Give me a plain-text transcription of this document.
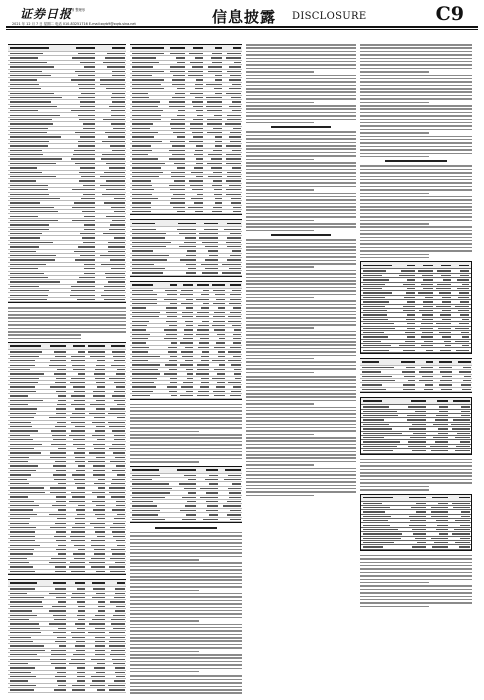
证券日报
副刊 整理形
2021 年 12 月 7 日 星期二 电话 010-83251716 E-mail:zqrb9@zqrb.sina.net	信息披露 DISCLOSURE	C9
